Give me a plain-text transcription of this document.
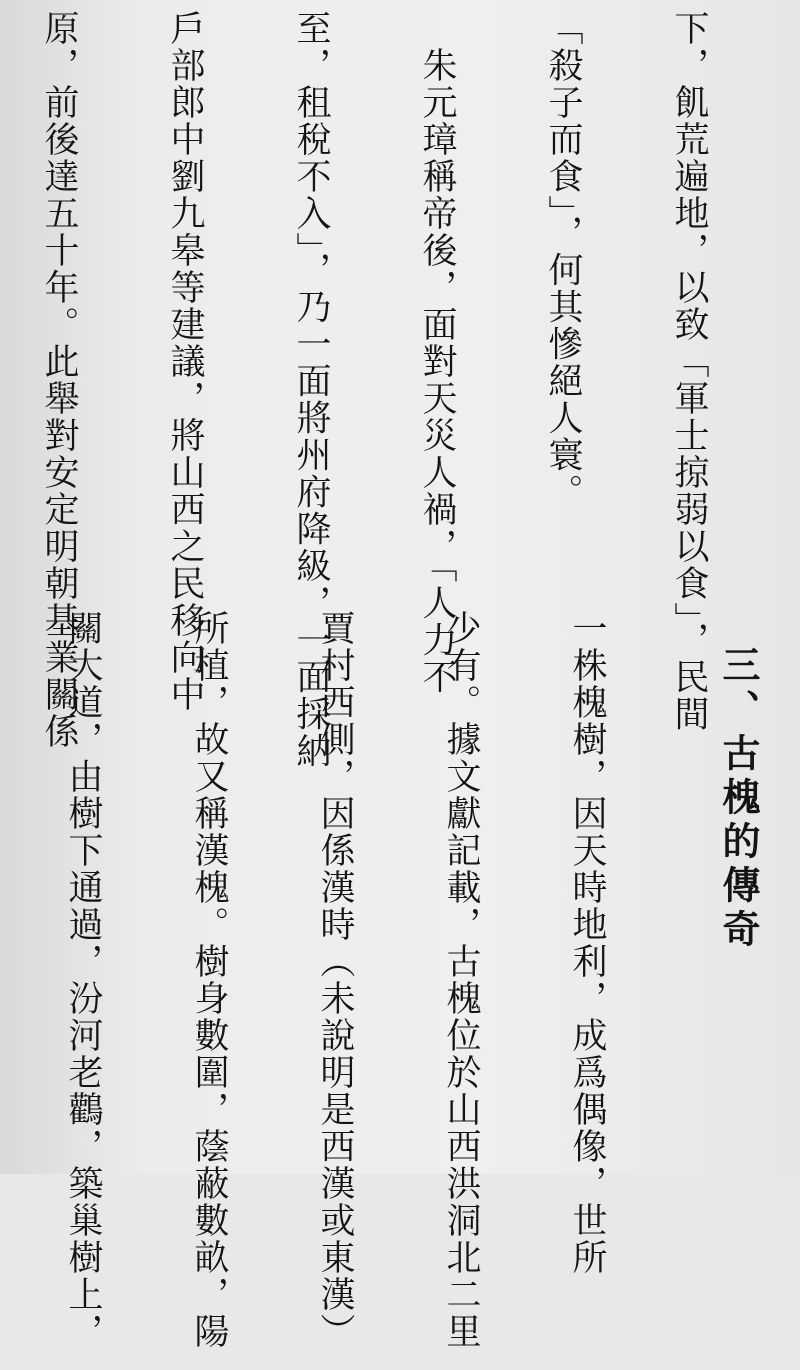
下，飢荒遍地，以致「軍士掠弱以食」，民間

「殺子而食」，何其慘絕人寰。

　朱元璋稱帝後，面對天災人禍，「人力不

至，租稅不入」，乃一面將州府降級，一面採納

戶部郎中劉九皋等建議，將山西之民移向中

原，前後達五十年。此舉對安定明朝基業關係

三、古槐的傳奇

一株槐樹，因天時地利，成爲偶像，世所

少有。據文獻記載，古槐位於山西洪洞北二里

賈村西側，因係漢時（未說明是西漢或東漢）

所植，故又稱漢槐。樹身數圍，蔭蔽數畝，陽

關大道，由樹下通過，汾河老鸛，築巢樹上，
